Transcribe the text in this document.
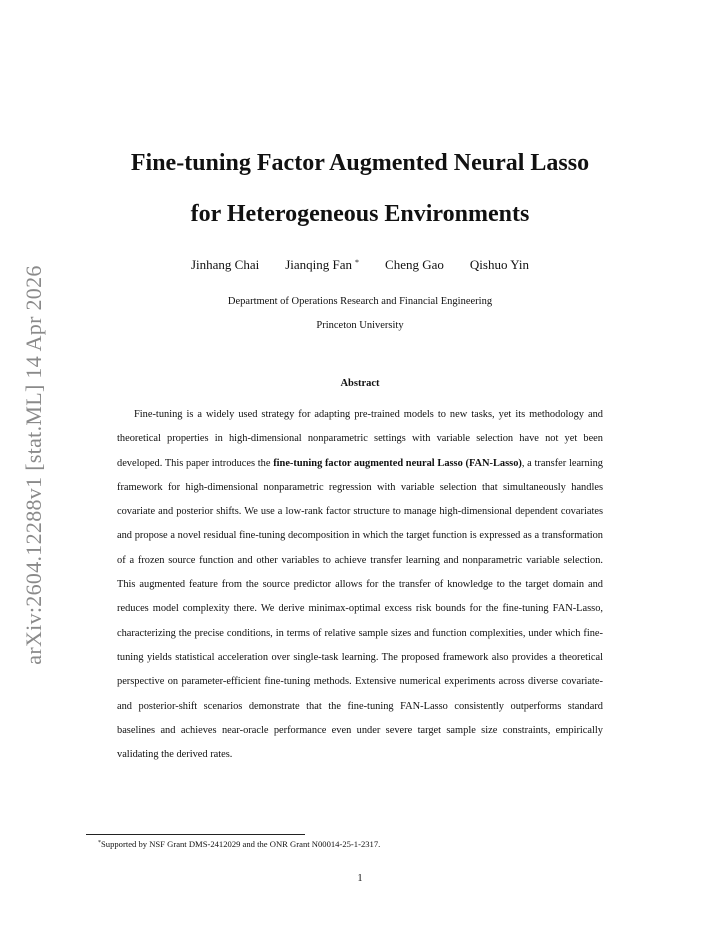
arXiv:2604.12288v1 [stat.ML] 14 Apr 2026
Fine-tuning Factor Augmented Neural Lasso
for Heterogeneous Environments
Jinhang Chai Jianqing Fan * Cheng Gao Qishuo Yin
Department of Operations Research and Financial Engineering
Princeton University
Abstract

Fine-tuning is a widely used strategy for adapting pre-trained models to new tasks, yet its methodology and theoretical properties in high-dimensional nonparametric settings with variable selection have not yet been developed. This paper introduces the fine-tuning factor augmented neural Lasso (FAN-Lasso), a transfer learning framework for high-dimensional nonparametric regression with variable selection that simultaneously handles covariate and posterior shifts. We use a low-rank factor structure to manage high-dimensional dependent covariates and propose a novel residual fine-tuning decomposition in which the target function is expressed as a transformation of a frozen source function and other variables to achieve transfer learning and nonparametric variable selection. This augmented feature from the source predictor allows for the transfer of knowledge to the target domain and reduces model complexity there. We derive minimax-optimal excess risk bounds for the fine-tuning FAN-Lasso, characterizing the precise conditions, in terms of relative sample sizes and function complexities, under which fine-tuning yields statistical acceleration over single-task learning. The proposed framework also provides a theoretical perspective on parameter-efficient fine-tuning methods. Extensive numerical experiments across diverse covariate- and posterior-shift scenarios demonstrate that the fine-tuning FAN-Lasso consistently outperforms standard baselines and achieves near-oracle performance even under severe target sample size constraints, empirically validating the derived rates.

*Supported by NSF Grant DMS-2412029 and the ONR Grant N00014-25-1-2317.
1
